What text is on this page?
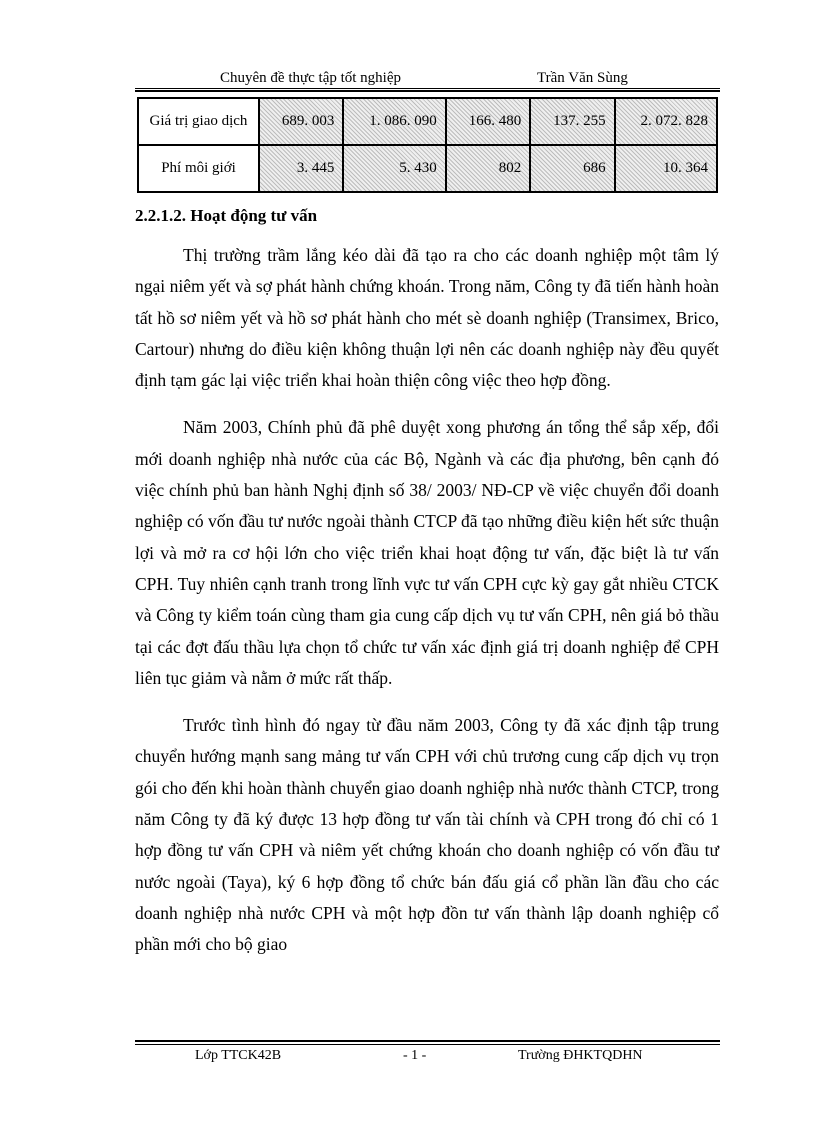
Chuyên đề thực tập tốt nghiệp	Trần Văn Sùng
Giá trị giao dịch	689. 003	1. 086. 090	166. 480	137. 255	2. 072. 828
Phí môi giới	3. 445	5. 430	802	686	10. 364
2.2.1.2. Hoạt động tư vấn

Thị trường trầm lắng kéo dài đã tạo ra cho các doanh nghiệp một tâm lý ngại niêm yết và sợ phát hành chứng khoán. Trong năm, Công ty đã tiến hành hoàn tất hồ sơ niêm yết và hồ sơ phát hành cho mét sè doanh nghiệp (Transimex, Brico, Cartour) nhưng do điều kiện không thuận lợi nên các doanh nghiệp này đều quyết định tạm gác lại việc triển khai hoàn thiện công việc theo hợp đồng.

Năm 2003, Chính phủ đã phê duyệt xong phương án tổng thể sắp xếp, đổi mới doanh nghiệp nhà nước của các Bộ, Ngành và các địa phương, bên cạnh đó việc chính phủ ban hành Nghị định số 38/ 2003/ NĐ-CP về việc chuyển đổi doanh nghiệp có vốn đầu tư nước ngoài thành CTCP đã tạo những điều kiện hết sức thuận lợi và mở ra cơ hội lớn cho việc triển khai hoạt động tư vấn, đặc biệt là tư vấn CPH. Tuy nhiên cạnh tranh trong lĩnh vực tư vấn CPH cực kỳ gay gắt nhiều CTCK và Công ty kiểm toán cùng tham gia cung cấp dịch vụ tư vấn CPH, nên giá bỏ thầu tại các đợt đấu thầu lựa chọn tổ chức tư vấn xác định giá trị doanh nghiệp để CPH liên tục giảm và nằm ở mức rất thấp.

Trước tình hình đó ngay từ đầu năm 2003, Công ty đã xác định tập trung chuyển hướng mạnh sang mảng tư vấn CPH với chủ trương cung cấp dịch vụ trọn gói cho đến khi hoàn thành chuyển giao doanh nghiệp nhà nước thành CTCP, trong năm Công ty đã ký được 13 hợp đồng tư vấn tài chính và CPH trong đó chỉ có 1 hợp đồng tư vấn CPH và niêm yết chứng khoán cho doanh nghiệp có vốn đầu tư nước ngoài (Taya), ký 6 hợp đồng tổ chức bán đấu giá cổ phần lần đầu cho các doanh nghiệp nhà nước CPH và một hợp đồn tư vấn thành lập doanh nghiệp cổ phần mới cho bộ giao

Lớp TTCK42B	- 1 -	Trường ĐHKTQDHN
